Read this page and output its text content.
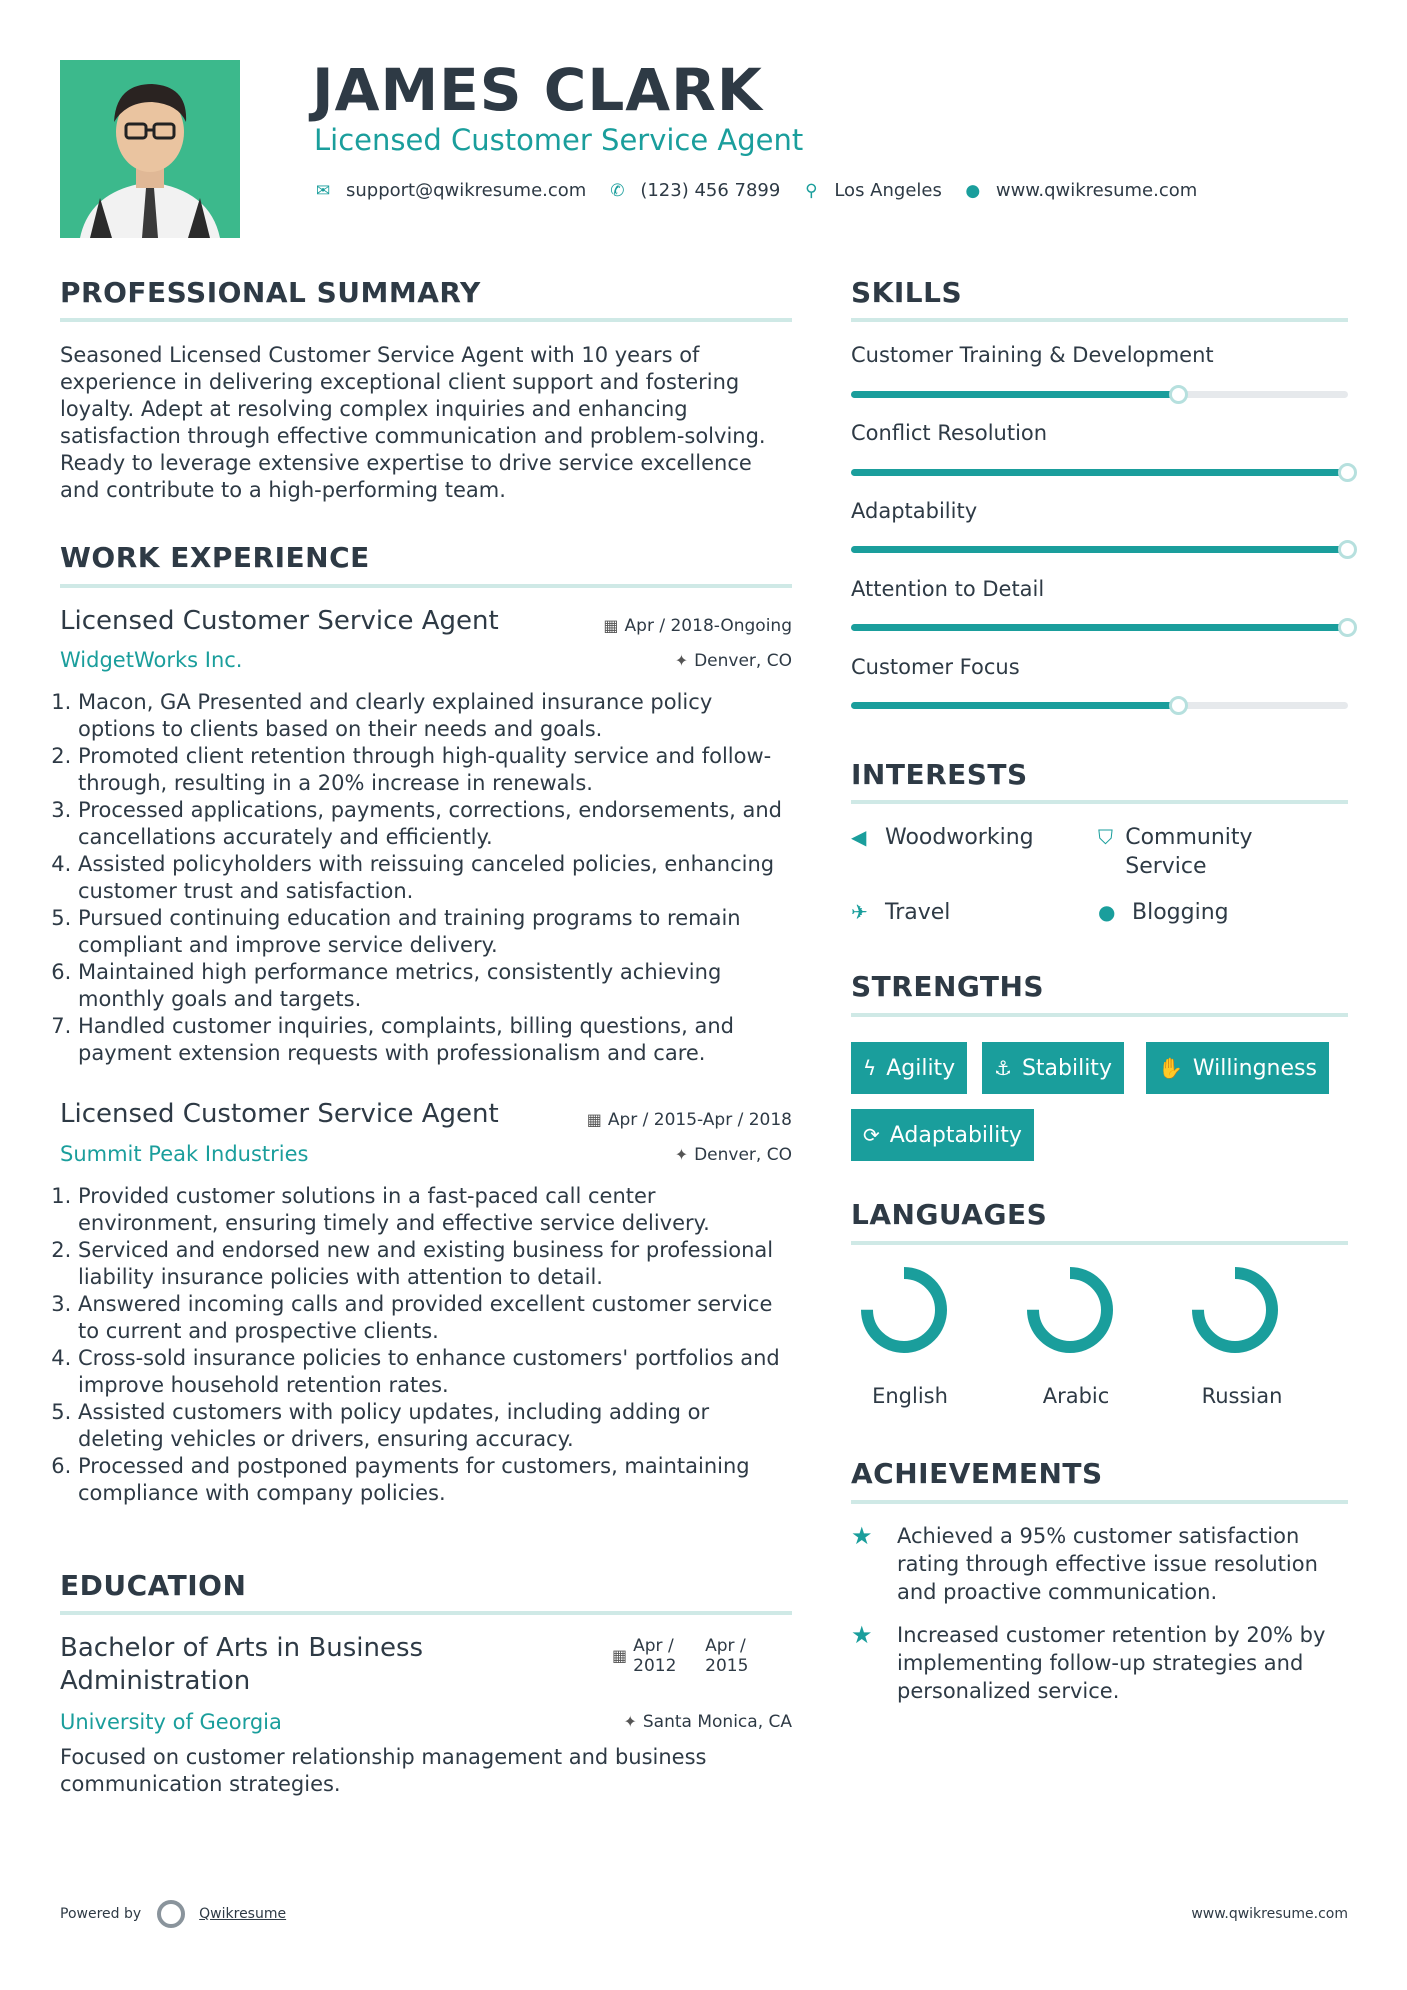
JAMES CLARK
Licensed Customer Service Agent
✉ support@qwikresume.com ✆ (123) 456 7899 ⚲ Los Angeles ● www.qwikresume.com
PROFESSIONAL SUMMARY
Seasoned Licensed Customer Service Agent with 10 years of experience in delivering exceptional client support and fostering loyalty. Adept at resolving complex inquiries and enhancing satisfaction through effective communication and problem-solving. Ready to leverage extensive expertise to drive service excellence and contribute to a high-performing team.
WORK EXPERIENCE
Licensed Customer Service Agent	▦ Apr / 2018-Ongoing
WidgetWorks Inc.	✦ Denver, CO
1. Macon, GA Presented and clearly explained insurance policy options to clients based on their needs and goals.
2. Promoted client retention through high-quality service and follow-through, resulting in a 20% increase in renewals.
3. Processed applications, payments, corrections, endorsements, and cancellations accurately and efficiently.
4. Assisted policyholders with reissuing canceled policies, enhancing customer trust and satisfaction.
5. Pursued continuing education and training programs to remain compliant and improve service delivery.
6. Maintained high performance metrics, consistently achieving monthly goals and targets.
7. Handled customer inquiries, complaints, billing questions, and payment extension requests with professionalism and care.
Licensed Customer Service Agent	▦ Apr / 2015-Apr / 2018
Summit Peak Industries	✦ Denver, CO
1. Provided customer solutions in a fast-paced call center environment, ensuring timely and effective service delivery.
2. Serviced and endorsed new and existing business for professional liability insurance policies with attention to detail.
3. Answered incoming calls and provided excellent customer service to current and prospective clients.
4. Cross-sold insurance policies to enhance customers' portfolios and improve household retention rates.
5. Assisted customers with policy updates, including adding or deleting vehicles or drivers, ensuring accuracy.
6. Processed and postponed payments for customers, maintaining compliance with company policies.
EDUCATION
Bachelor of Arts in Business Administration
▦ Apr / 2012
Apr / 2015
University of Georgia	✦ Santa Monica, CA
Focused on customer relationship management and business communication strategies.
SKILLS
Customer Training & Development
Conflict Resolution
Adaptability
Attention to Detail
Customer Focus
INTERESTS
◀ Woodworking	⛉ Community Service
✈ Travel	● Blogging
STRENGTHS
ϟ Agility ⚓ Stability ✋ Willingness
⟳ Adaptability
LANGUAGES
English	Arabic	Russian
ACHIEVEMENTS
★	Achieved a 95% customer satisfaction rating through effective issue resolution and proactive communication.
★	Increased customer retention by 20% by implementing follow-up strategies and personalized service.
Powered by	Qwikresume	www.qwikresume.com
